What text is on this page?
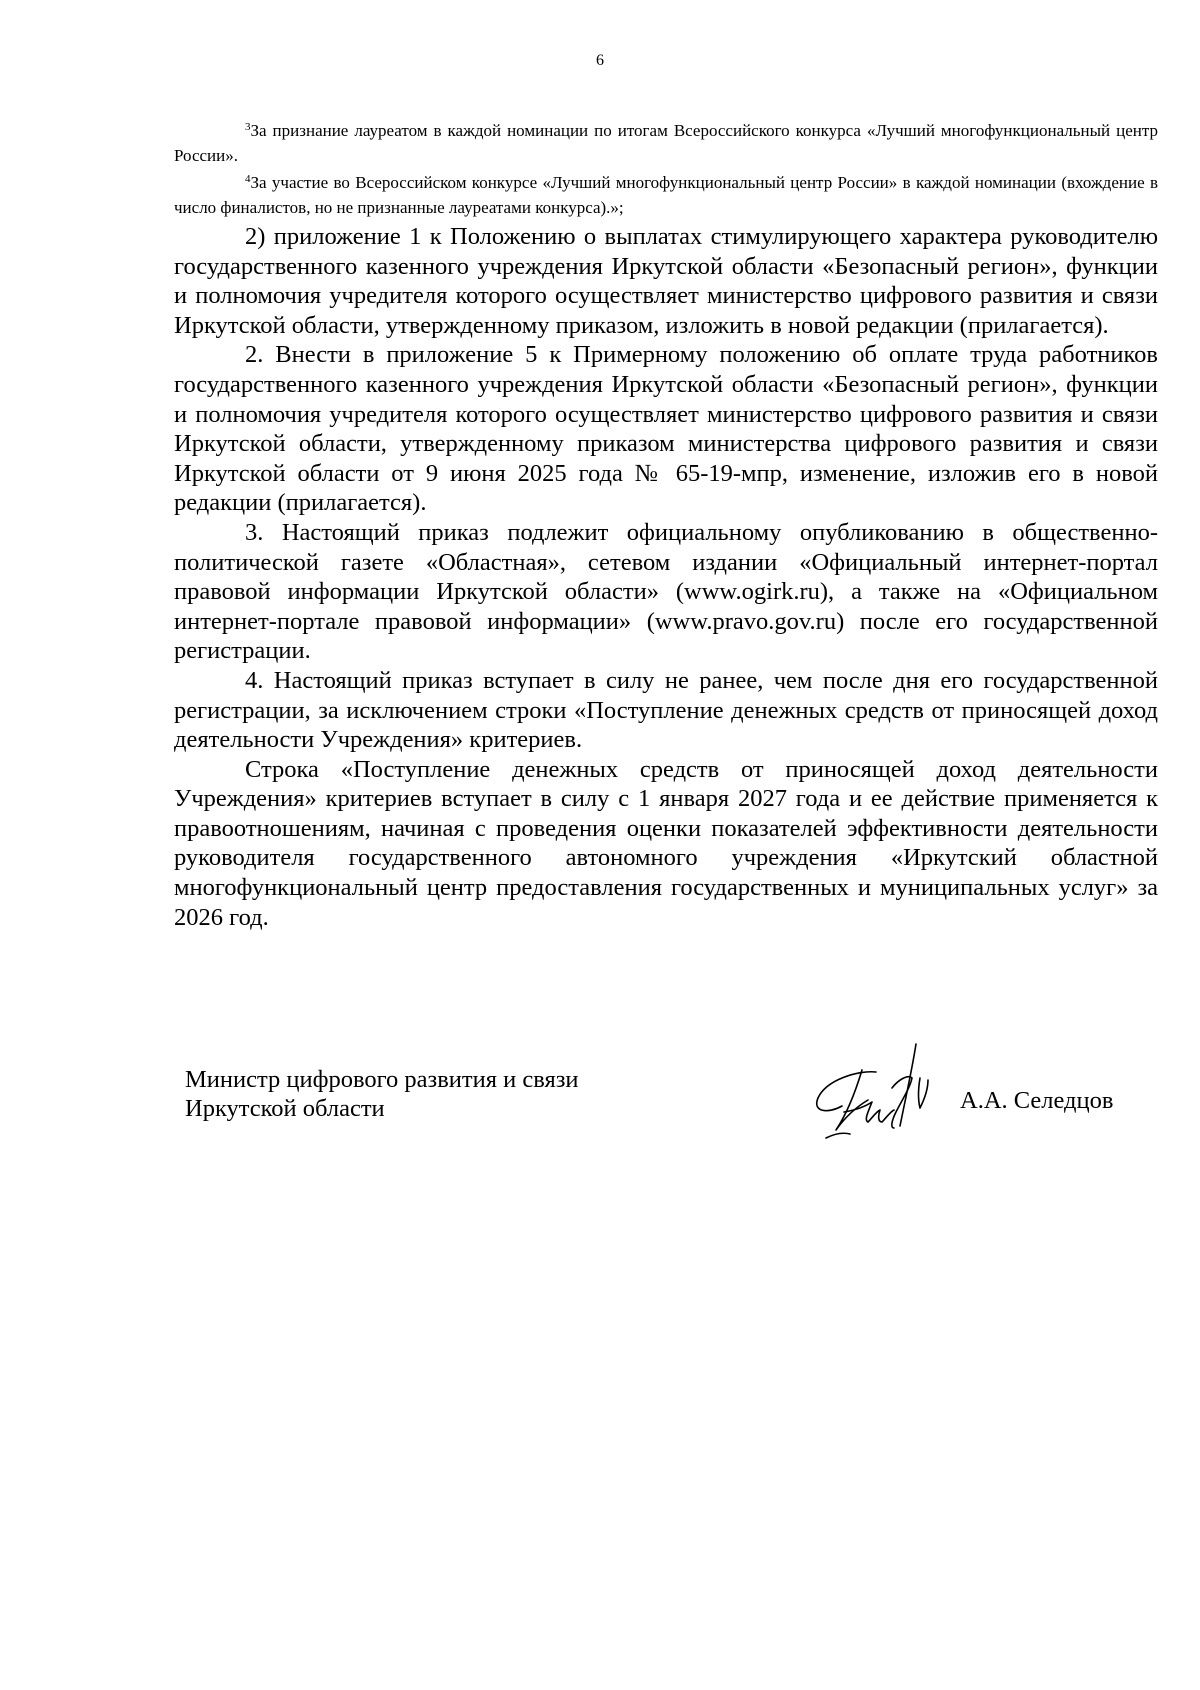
6

$^3$За признание лауреатом в каждой номинации по итогам Всероссийского конкурса «Лучший многофункциональный центр России».

$^4$За участие во Всероссийском конкурсе «Лучший многофункциональный центр России» в каждой номинации (вхождение в число финалистов, но не признанные лауреатами конкурса).»;

2) приложение 1 к Положению о выплатах стимулирующего характера руководителю государственного казенного учреждения Иркутской области «Безопасный регион», функции и полномочия учредителя которого осуществляет министерство цифрового развития и связи Иркутской области, утвержденному приказом, изложить в новой редакции (прилагается).

2. Внести в приложение 5 к Примерному положению об оплате труда работников государственного казенного учреждения Иркутской области «Безопасный регион», функции и полномочия учредителя которого осуществляет министерство цифрового развития и связи Иркутской области, утвержденному приказом министерства цифрового развития и связи Иркутской области от 9 июня 2025 года № 65-19-мпр, изменение, изложив его в новой редакции (прилагается).

3. Настоящий приказ подлежит официальному опубликованию в общественно-политической газете «Областная», сетевом издании «Официальный интернет-портал правовой информации Иркутской области» (www.ogirk.ru), а также на «Официальном интернет-портале правовой информации» (www.pravo.gov.ru) после его государственной регистрации.

4. Настоящий приказ вступает в силу не ранее, чем после дня его государственной регистрации, за исключением строки «Поступление денежных средств от приносящей доход деятельности Учреждения» критериев.

Строка «Поступление денежных средств от приносящей доход деятельности Учреждения» критериев вступает в силу с 1 января 2027 года и ее действие применяется к правоотношениям, начиная с проведения оценки показателей эффективности деятельности руководителя государственного автономного учреждения «Иркутский областной многофункциональный центр предоставления государственных и муниципальных услуг» за 2026 год.

Министр цифрового развития и связи
Иркутской области	А.А. Селедцов
